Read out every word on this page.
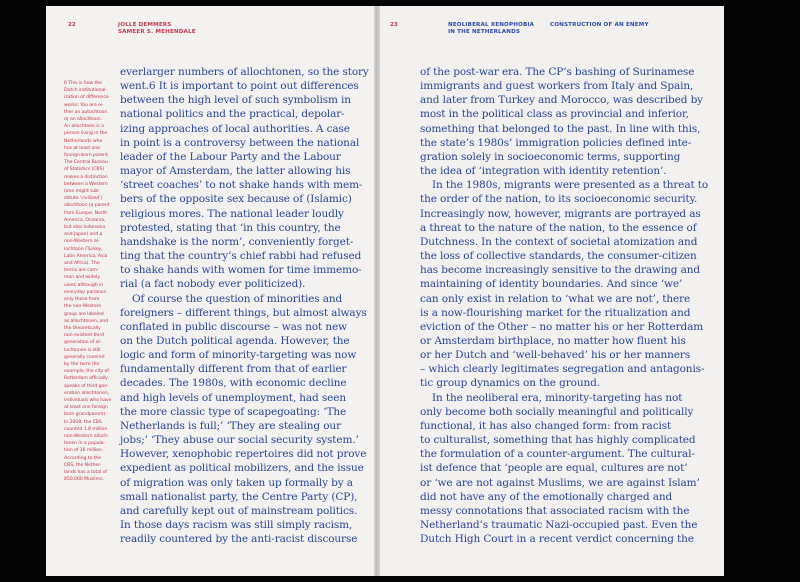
22	JOLLE DEMMERS
SAMEER S. MEHENDALE
6 This is how the
Dutch institutional-
ization of difference
works: You are ei-
ther an autochtoon
or an allochtoon.
An allochtoon is a
person living in the
Netherlands who
has at least one
foreign-born parent.
The Central Bureau
of Statistics (CBS)
makes a distinction
between a Western
(one might sub-
stitute ‘civilized’)
allochtoon (a parent
from Europe, North
America, Oceania,
but also Indonesia
and Japan) and a
non-Western al-
lochtoon (Turkey,
Latin America, Asia
and Africa). The
terms are com-
mon and widely
used, although in
everyday parlance
only those from
the non-Western
group are labeled
as allochtonen, and
the theoretically
non-existent third
generation of al-
lochtonen is still
generally covered
by the term (for
example, the city of
Rotterdam officially
speaks of third gen-
eration allochtonen,
individuals who have
at least one foreign
born grandparent).
In 2008, the CBS
counted 1.8 million
non-Western alloch-
tonen in a popula-
tion of 16 million.
According to the
CBS, the Nether-
lands has a total of
850,000 Muslims.
everlarger numbers of allochtonen, so the story
went.6 It is important to point out differences
between the high level of such symbolism in
national politics and the practical, depolar-
izing approaches of local authorities. A case
in point is a controversy between the national
leader of the Labour Party and the Labour
mayor of Amsterdam, the latter allowing his
‘street coaches’ to not shake hands with mem-
bers of the opposite sex because of (Islamic)
religious mores. The national leader loudly
protested, stating that ‘in this country, the
handshake is the norm’, conveniently forget-
ting that the country’s chief rabbi had refused
to shake hands with women for time immemo-
rial (a fact nobody ever politicized).
Of course the question of minorities and
foreigners – different things, but almost always
conflated in public discourse – was not new
on the Dutch political agenda. However, the
logic and form of minority-targeting was now
fundamentally different from that of earlier
decades. The 1980s, with economic decline
and high levels of unemployment, had seen
the more classic type of scapegoating: ‘The
Netherlands is full;’ ‘They are stealing our
jobs;’ ‘They abuse our social security system.’
However, xenophobic repertoires did not prove
expedient as political mobilizers, and the issue
of migration was only taken up formally by a
small nationalist party, the Centre Party (CP),
and carefully kept out of mainstream politics.
In those days racism was still simply racism,
readily countered by the anti-racist discourse
23	NEOLIBERAL XENOPHOBIA
IN THE NETHERLANDS
CONSTRUCTION OF AN ENEMY
of the post-war era. The CP’s bashing of Surinamese
immigrants and guest workers from Italy and Spain,
and later from Turkey and Morocco, was described by
most in the political class as provincial and inferior,
something that belonged to the past. In line with this,
the state’s 1980s’ immigration policies defined inte-
gration solely in socioeconomic terms, supporting
the idea of ‘integration with identity retention’.
In the 1980s, migrants were presented as a threat to
the order of the nation, to its socioeconomic security.
Increasingly now, however, migrants are portrayed as
a threat to the nature of the nation, to the essence of
Dutchness. In the context of societal atomization and
the loss of collective standards, the consumer-citizen
has become increasingly sensitive to the drawing and
maintaining of identity boundaries. And since ‘we’
can only exist in relation to ‘what we are not’, there
is a now-flourishing market for the ritualization and
eviction of the Other – no matter his or her Rotterdam
or Amsterdam birthplace, no matter how fluent his
or her Dutch and ‘well-behaved’ his or her manners
– which clearly legitimates segregation and antagonis-
tic group dynamics on the ground.
In the neoliberal era, minority-targeting has not
only become both socially meaningful and politically
functional, it has also changed form: from racist
to culturalist, something that has highly complicated
the formulation of a counter-argument. The cultural-
ist defence that ‘people are equal, cultures are not’
or ‘we are not against Muslims, we are against Islam’
did not have any of the emotionally charged and
messy connotations that associated racism with the
Netherland’s traumatic Nazi-occupied past. Even the
Dutch High Court in a recent verdict concerning the
